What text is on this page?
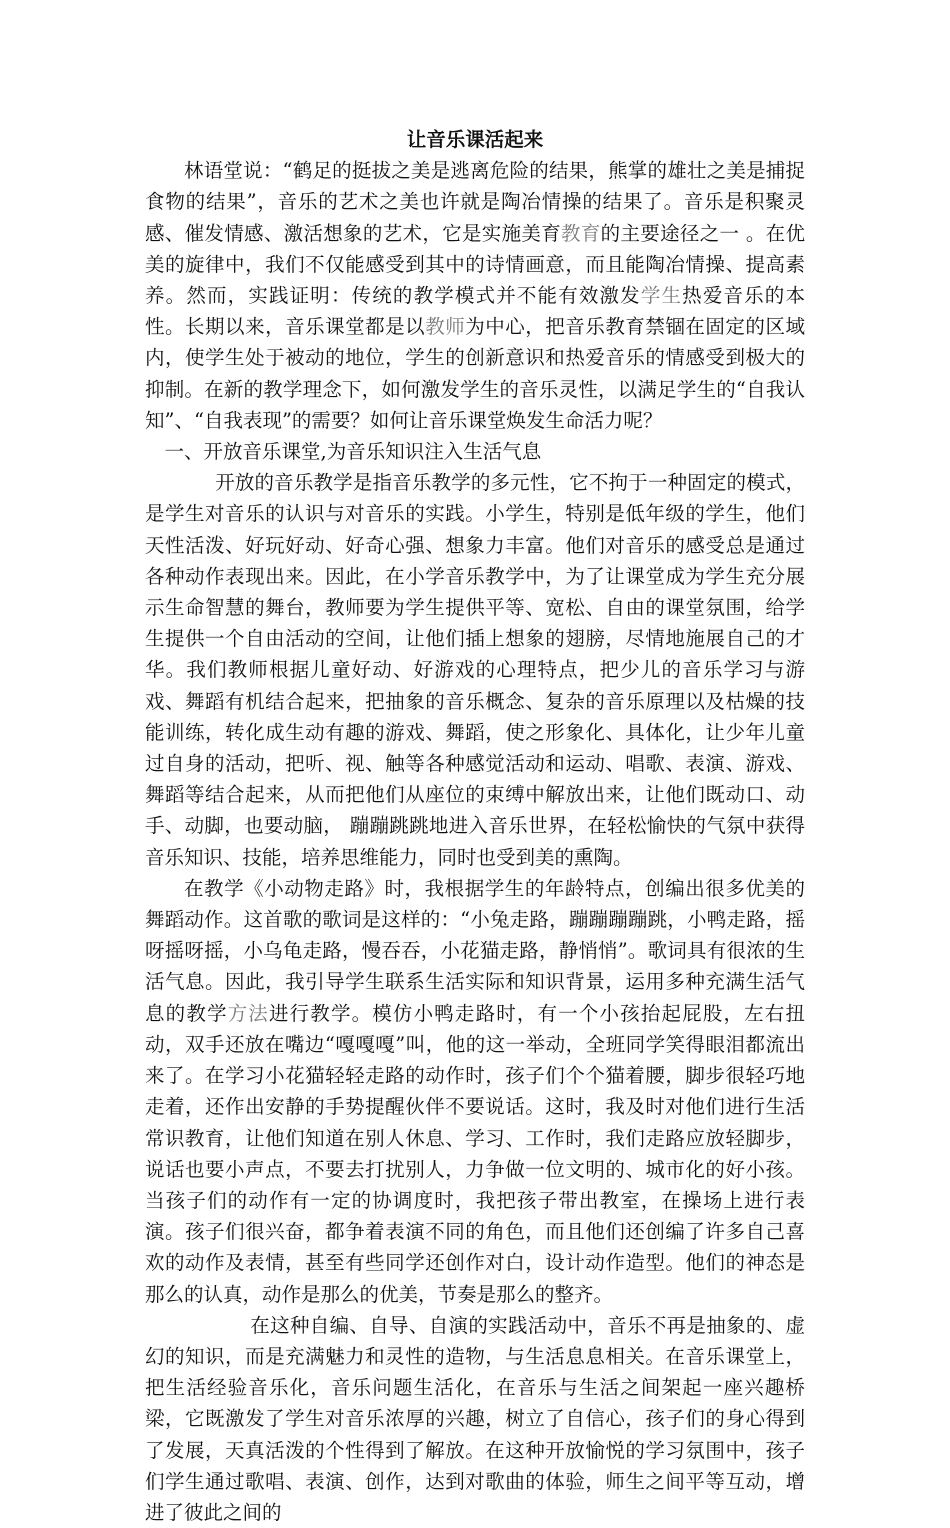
让音乐课活起来

林语堂说：“鹤足的挺拔之美是逃离危险的结果，熊掌的雄壮之美是捕捉食物的结果”，音乐的艺术之美也许就是陶冶情操的结果了。音乐是积聚灵感、催发情感、激活想象的艺术，它是实施美育教育的主要途径之一 。在优美的旋律中，我们不仅能感受到其中的诗情画意，而且能陶冶情操、提高素养。然而，实践证明：传统的教学模式并不能有效激发学生热爱音乐的本性。长期以来，音乐课堂都是以教师为中心，把音乐教育禁锢在固定的区域内，使学生处于被动的地位，学生的创新意识和热爱音乐的情感受到极大的抑制。在新的教学理念下，如何激发学生的音乐灵性，以满足学生的“自我认知”、“自我表现”的需要？如何让音乐课堂焕发生命活力呢？

一、开放音乐课堂,为音乐知识注入生活气息

开放的音乐教学是指音乐教学的多元性，它不拘于一种固定的模式，是学生对音乐的认识与对音乐的实践。小学生，特别是低年级的学生，他们天性活泼、好玩好动、好奇心强、想象力丰富。他们对音乐的感受总是通过各种动作表现出来。因此，在小学音乐教学中，为了让课堂成为学生充分展示生命智慧的舞台，教师要为学生提供平等、宽松、自由的课堂氛围，给学生提供一个自由活动的空间，让他们插上想象的翅膀，尽情地施展自己的才华。我们教师根据儿童好动、好游戏的心理特点，把少儿的音乐学习与游戏、舞蹈有机结合起来，把抽象的音乐概念、复杂的音乐原理以及枯燥的技能训练，转化成生动有趣的游戏、舞蹈，使之形象化、具体化，让少年儿童过自身的活动，把听、视、触等各种感觉活动和运动、唱歌、表演、游戏、舞蹈等结合起来，从而把他们从座位的束缚中解放出来，让他们既动口、动手、动脚，也要动脑， 蹦蹦跳跳地进入音乐世界，在轻松愉快的气氛中获得音乐知识、技能，培养思维能力，同时也受到美的熏陶。

在教学《小动物走路》时，我根据学生的年龄特点，创编出很多优美的舞蹈动作。这首歌的歌词是这样的：“小兔走路，蹦蹦蹦蹦跳，小鸭走路，摇呀摇呀摇，小乌龟走路，慢吞吞，小花猫走路，静悄悄”。歌词具有很浓的生活气息。因此，我引导学生联系生活实际和知识背景，运用多种充满生活气息的教学方法进行教学。模仿小鸭走路时，有一个小孩抬起屁股，左右扭动，双手还放在嘴边“嘎嘎嘎”叫，他的这一举动，全班同学笑得眼泪都流出来了。在学习小花猫轻轻走路的动作时，孩子们个个猫着腰，脚步很轻巧地走着，还作出安静的手势提醒伙伴不要说话。这时，我及时对他们进行生活常识教育，让他们知道在别人休息、学习、工作时，我们走路应放轻脚步，说话也要小声点，不要去打扰别人，力争做一位文明的、城市化的好小孩。当孩子们的动作有一定的协调度时，我把孩子带出教室，在操场上进行表演。孩子们很兴奋，都争着表演不同的角色，而且他们还创编了许多自己喜欢的动作及表情，甚至有些同学还创作对白，设计动作造型。他们的神态是那么的认真，动作是那么的优美，节奏是那么的整齐。

在这种自编、自导、自演的实践活动中，音乐不再是抽象的、虚幻的知识，而是充满魅力和灵性的造物，与生活息息相关。在音乐课堂上，把生活经验音乐化，音乐问题生活化，在音乐与生活之间架起一座兴趣桥梁，它既激发了学生对音乐浓厚的兴趣，树立了自信心，孩子们的身心得到了发展，天真活泼的个性得到了解放。在这种开放愉悦的学习氛围中，孩子们学生通过歌唱、表演、创作，达到对歌曲的体验，师生之间平等互动，增进了彼此之间的
